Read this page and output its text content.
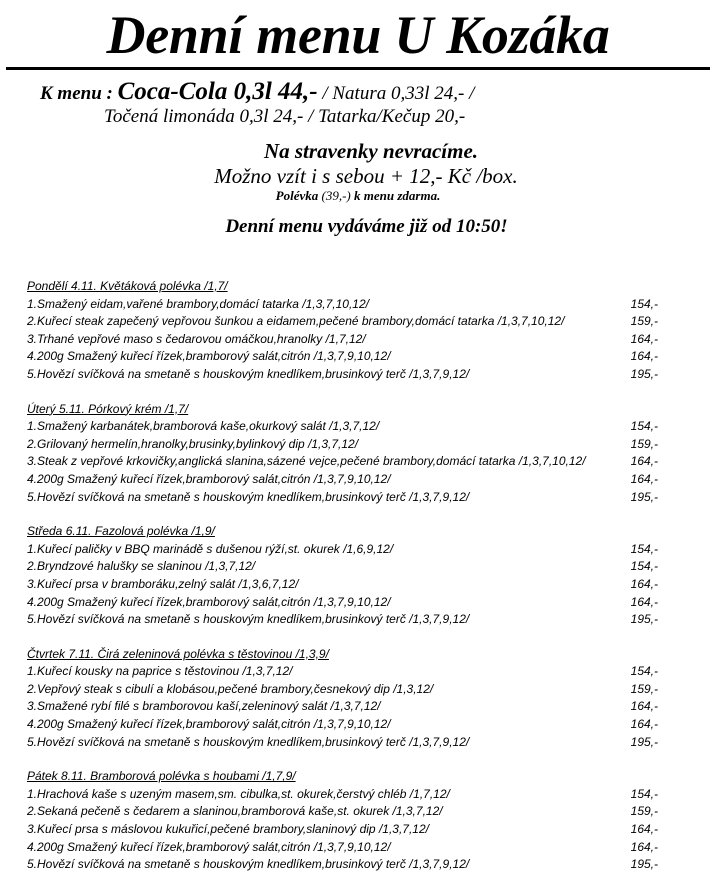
Denní menu U Kozáka
K menu : Coca-Cola 0,3l 44,- / Natura 0,33l 24,- /
Točená limonáda 0,3l 24,- / Tatarka/Kečup 20,-
Na stravenky nevracíme.
Možno vzít i s sebou + 12,- Kč /box.
Polévka (39,-) k menu zdarma.
Denní menu vydáváme již od 10:50!
Pondělí 4.11. Květáková polévka /1,7/
1.Smažený eidam,vařené brambory,domácí tatarka /1,3,7,10,12/	154,-
2.Kuřecí steak zapečený vepřovou šunkou a eidamem,pečené brambory,domácí tatarka /1,3,7,10,12/	159,-
3.Trhané vepřové maso s čedarovou omáčkou,hranolky /1,7,12/	164,-
4.200g Smažený kuřecí řízek,bramborový salát,citrón /1,3,7,9,10,12/	164,-
5.Hovězí svíčková na smetaně s houskovým knedlíkem,brusinkový terč /1,3,7,9,12/	195,-
Úterý 5.11. Pórkový krém /1,7/
1.Smažený karbanátek,bramborová kaše,okurkový salát /1,3,7,12/	154,-
2.Grilovaný hermelín,hranolky,brusinky,bylinkový dip /1,3,7,12/	159,-
3.Steak z vepřové krkovičky,anglická slanina,sázené vejce,pečené brambory,domácí tatarka /1,3,7,10,12/	164,-
4.200g Smažený kuřecí řízek,bramborový salát,citrón /1,3,7,9,10,12/	164,-
5.Hovězí svíčková na smetaně s houskovým knedlíkem,brusinkový terč /1,3,7,9,12/	195,-
Středa 6.11. Fazolová polévka /1,9/
1.Kuřecí paličky v BBQ marinádě s dušenou rýží,st. okurek /1,6,9,12/	154,-
2.Bryndzové halušky se slaninou /1,3,7,12/	154,-
3.Kuřecí prsa v bramboráku,zelný salát /1,3,6,7,12/	164,-
4.200g Smažený kuřecí řízek,bramborový salát,citrón /1,3,7,9,10,12/	164,-
5.Hovězí svíčková na smetaně s houskovým knedlíkem,brusinkový terč /1,3,7,9,12/	195,-
Čtvrtek 7.11. Čirá zeleninová polévka s těstovinou /1,3,9/
1.Kuřecí kousky na paprice s těstovinou /1,3,7,12/	154,-
2.Vepřový steak s cibulí a klobásou,pečené brambory,česnekový dip /1,3,12/	159,-
3.Smažené rybí filé s bramborovou kaší,zeleninový salát /1,3,7,12/	164,-
4.200g Smažený kuřecí řízek,bramborový salát,citrón /1,3,7,9,10,12/	164,-
5.Hovězí svíčková na smetaně s houskovým knedlíkem,brusinkový terč /1,3,7,9,12/	195,-
Pátek 8.11. Bramborová polévka s houbami /1,7,9/
1.Hrachová kaše s uzeným masem,sm. cibulka,st. okurek,čerstvý chléb /1,7,12/	154,-
2.Sekaná pečeně s čedarem a slaninou,bramborová kaše,st. okurek /1,3,7,12/	159,-
3.Kuřecí prsa s máslovou kukuřicí,pečené brambory,slaninový dip /1,3,7,12/	164,-
4.200g Smažený kuřecí řízek,bramborový salát,citrón /1,3,7,9,10,12/	164,-
5.Hovězí svíčková na smetaně s houskovým knedlíkem,brusinkový terč /1,3,7,9,12/	195,-
